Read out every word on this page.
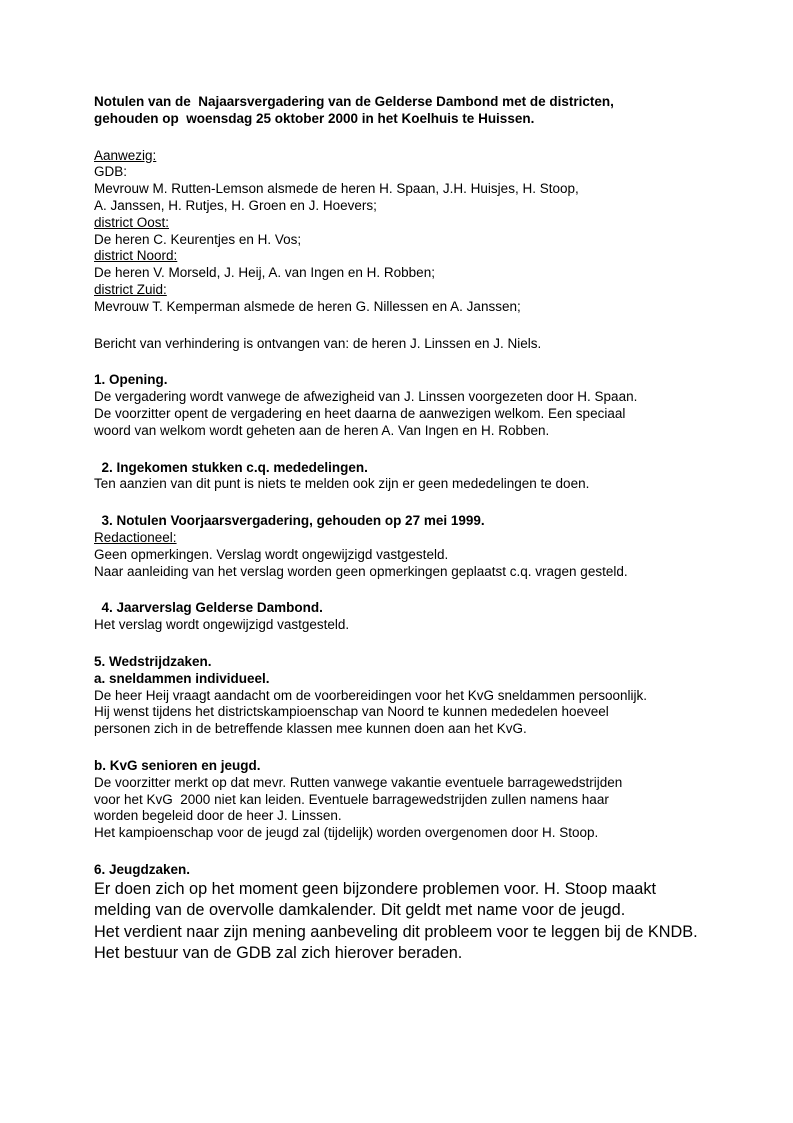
Notulen van de  Najaarsvergadering van de Gelderse Dambond met de districten,
gehouden op  woensdag 25 oktober 2000 in het Koelhuis te Huissen.
Aanwezig:
GDB:
Mevrouw M. Rutten-Lemson alsmede de heren H. Spaan, J.H. Huisjes, H. Stoop,
A. Janssen, H. Rutjes, H. Groen en J. Hoevers;
district Oost:
De heren C. Keurentjes en H. Vos;
district Noord:
De heren V. Morseld, J. Heij, A. van Ingen en H. Robben;
district Zuid:
Mevrouw T. Kemperman alsmede de heren G. Nillessen en A. Janssen;
Bericht van verhindering is ontvangen van: de heren J. Linssen en J. Niels.
1. Opening.
De vergadering wordt vanwege de afwezigheid van J. Linssen voorgezeten door H. Spaan.
De voorzitter opent de vergadering en heet daarna de aanwezigen welkom. Een speciaal
woord van welkom wordt geheten aan de heren A. Van Ingen en H. Robben.
2. Ingekomen stukken c.q. mededelingen.
Ten aanzien van dit punt is niets te melden ook zijn er geen mededelingen te doen.
3. Notulen Voorjaarsvergadering, gehouden op 27 mei 1999.
Redactioneel:
Geen opmerkingen. Verslag wordt ongewijzigd vastgesteld.
Naar aanleiding van het verslag worden geen opmerkingen geplaatst c.q. vragen gesteld.
4. Jaarverslag Gelderse Dambond.
Het verslag wordt ongewijzigd vastgesteld.
5. Wedstrijdzaken.
a. sneldammen individueel.
De heer Heij vraagt aandacht om de voorbereidingen voor het KvG sneldammen persoonlijk.
Hij wenst tijdens het districtskampioenschap van Noord te kunnen mededelen hoeveel
personen zich in de betreffende klassen mee kunnen doen aan het KvG.
b. KvG senioren en jeugd.
De voorzitter merkt op dat mevr. Rutten vanwege vakantie eventuele barragewedstrijden
voor het KvG  2000 niet kan leiden. Eventuele barragewedstrijden zullen namens haar
worden begeleid door de heer J. Linssen.
Het kampioenschap voor de jeugd zal (tijdelijk) worden overgenomen door H. Stoop.
6. Jeugdzaken.
Er doen zich op het moment geen bijzondere problemen voor. H. Stoop maakt
melding van de overvolle damkalender. Dit geldt met name voor de jeugd.
Het verdient naar zijn mening aanbeveling dit probleem voor te leggen bij de KNDB.
Het bestuur van de GDB zal zich hierover beraden.
